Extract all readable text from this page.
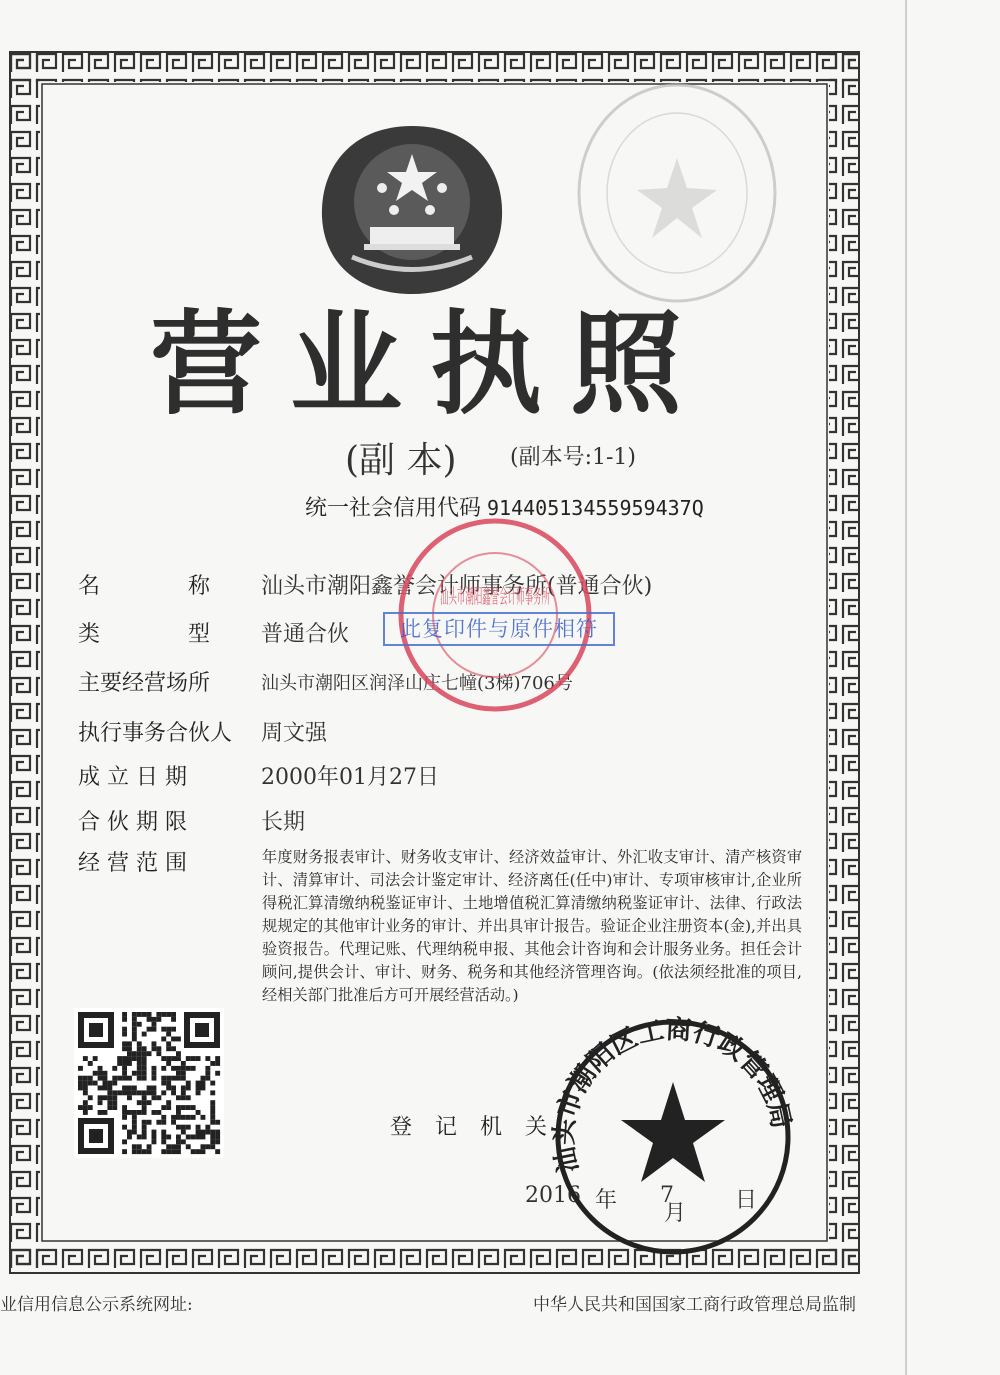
营业执照
(副 本) (副本号:1-1)
统一社会信用代码 91440513455959437Q
名　　　　称	汕头市潮阳鑫誉会计师事务所(普通合伙)
类　　　　型	普通合伙
主要经营场所	汕头市潮阳区润泽山庄七幢(3梯)706号
执行事务合伙人 周文强
成 立 日 期	2000年01月27日
合 伙 期 限	长期
经 营 范 围	年度财务报表审计、财务收支审计、经济效益审计、外汇收支审计、清产核资审计、清算审计、司法会计鉴定审计、经济离任(任中)审计、专项审核审计,企业所得税汇算清缴纳税鉴证审计、土地增值税汇算清缴纳税鉴证审计、法律、行政法规规定的其他审计业务的审计、并出具审计报告。验证企业注册资本(金),并出具验资报告。代理记账、代理纳税申报、其他会计咨询和会计服务业务。担任会计顾问,提供会计、审计、财务、税务和其他经济管理咨询。(依法须经批准的项目,经相关部门批准后方可开展经营活动。)
登 记 机 关
2016 年 7
月
日
汕头市潮阳鑫誉会计师事务所
此复印件与原件相符
汕头市潮阳区工商行政管理局
业信用信息公示系统网址:	中华人民共和国国家工商行政管理总局监制
